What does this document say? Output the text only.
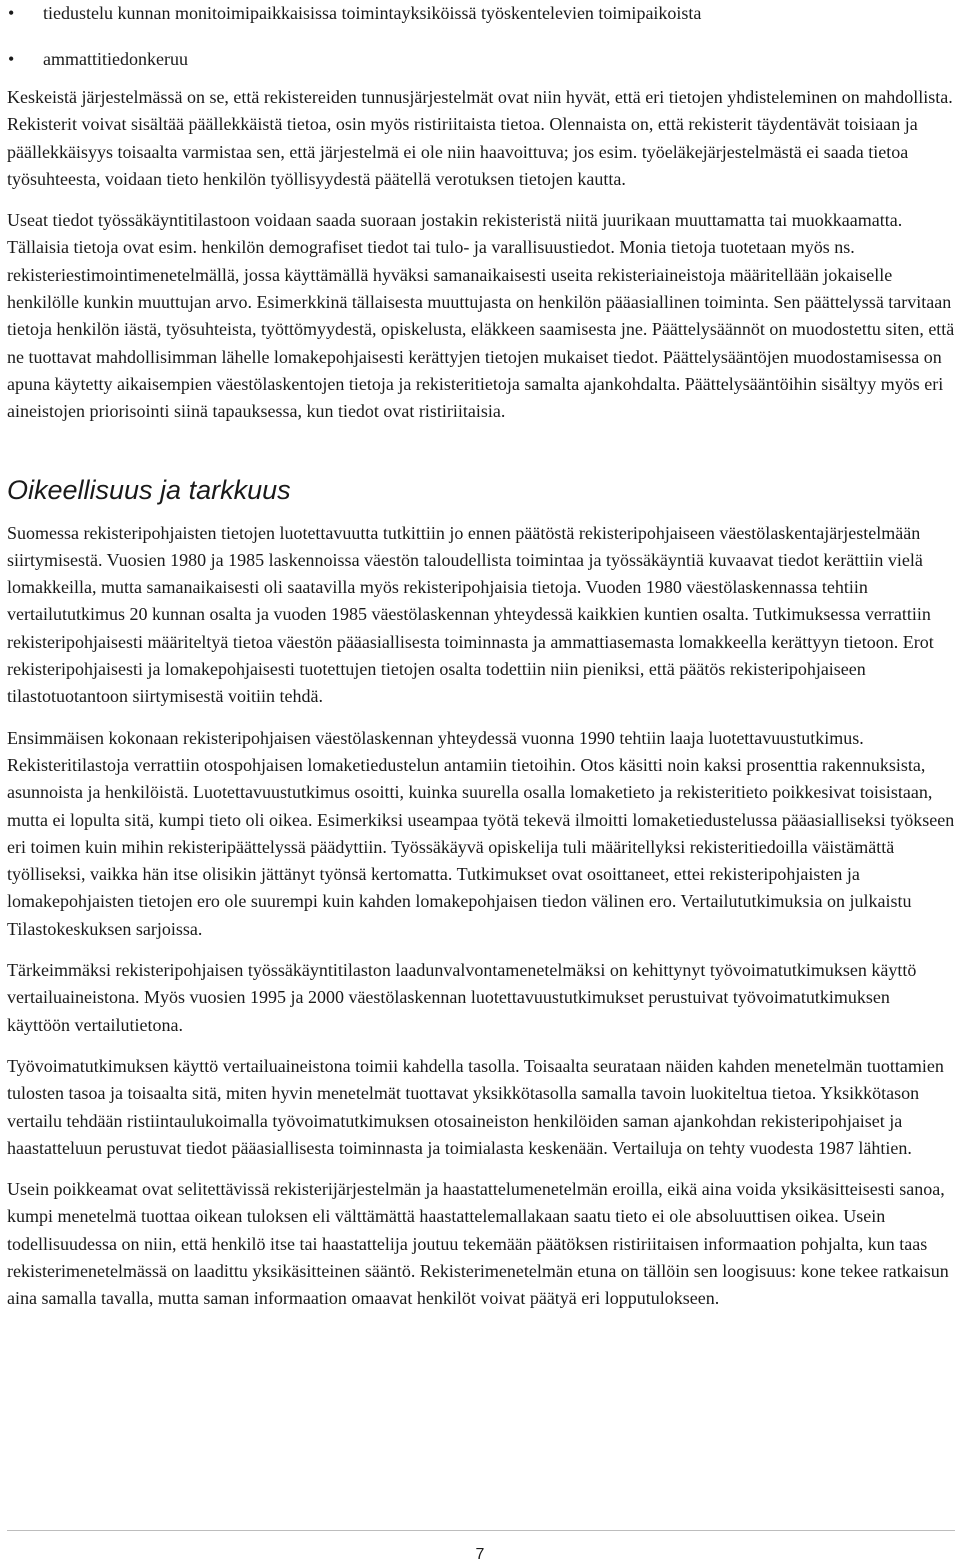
• tiedustelu kunnan monitoimipaikkaisissa toimintayksiköissä työskentelevien toimipaikoista
• ammattitiedonkeruu

Keskeistä järjestelmässä on se, että rekistereiden tunnusjärjestelmät ovat niin hyvät, että eri tietojen yhdisteleminen on mahdollista. Rekisterit voivat sisältää päällekkäistä tietoa, osin myös ristiriitaista tietoa. Olennaista on, että rekisterit täydentävät toisiaan ja päällekkäisyys toisaalta varmistaa sen, että järjestelmä ei ole niin haavoittuva; jos esim. työeläkejärjestelmästä ei saada tietoa työsuhteesta, voidaan tieto henkilön työllisyydestä päätellä verotuksen tietojen kautta.

Useat tiedot työssäkäyntitilastoon voidaan saada suoraan jostakin rekisteristä niitä juurikaan muuttamatta tai muokkaamatta. Tällaisia tietoja ovat esim. henkilön demografiset tiedot tai tulo- ja varallisuustiedot. Monia tietoja tuotetaan myös ns. rekisteriestimointimenetelmällä, jossa käyttämällä hyväksi samanaikaisesti useita rekisteriaineistoja määritellään jokaiselle henkilölle kunkin muuttujan arvo. Esimerkkinä tällaisesta muuttujasta on henkilön pääasiallinen toiminta. Sen päättelyssä tarvitaan tietoja henkilön iästä, työsuhteista, työttömyydestä, opiskelusta, eläkkeen saamisesta jne. Päättelysäännöt on muodostettu siten, että ne tuottavat mahdollisimman lähelle lomakepohjaisesti kerättyjen tietojen mukaiset tiedot. Päättelysääntöjen muodostamisessa on apuna käytetty aikaisempien väestölaskentojen tietoja ja rekisteritietoja samalta ajankohdalta. Päättelysääntöihin sisältyy myös eri aineistojen priorisointi siinä tapauksessa, kun tiedot ovat ristiriitaisia.

Oikeellisuus ja tarkkuus

Suomessa rekisteripohjaisten tietojen luotettavuutta tutkittiin jo ennen päätöstä rekisteripohjaiseen väestölaskentajärjestelmään siirtymisestä. Vuosien 1980 ja 1985 laskennoissa väestön taloudellista toimintaa ja työssäkäyntiä kuvaavat tiedot kerättiin vielä lomakkeilla, mutta samanaikaisesti oli saatavilla myös rekisteripohjaisia tietoja. Vuoden 1980 väestölaskennassa tehtiin vertailututkimus 20 kunnan osalta ja vuoden 1985 väestölaskennan yhteydessä kaikkien kuntien osalta. Tutkimuksessa verrattiin rekisteripohjaisesti määriteltyä tietoa väestön pääasiallisesta toiminnasta ja ammattiasemasta lomakkeella kerättyyn tietoon. Erot rekisteripohjaisesti ja lomakepohjaisesti tuotettujen tietojen osalta todettiin niin pieniksi, että päätös rekisteripohjaiseen tilastotuotantoon siirtymisestä voitiin tehdä.

Ensimmäisen kokonaan rekisteripohjaisen väestölaskennan yhteydessä vuonna 1990 tehtiin laaja luotettavuustutkimus. Rekisteritilastoja verrattiin otospohjaisen lomaketiedustelun antamiin tietoihin. Otos käsitti noin kaksi prosenttia rakennuksista, asunnoista ja henkilöistä. Luotettavuustutkimus osoitti, kuinka suurella osalla lomaketieto ja rekisteritieto poikkesivat toisistaan, mutta ei lopulta sitä, kumpi tieto oli oikea. Esimerkiksi useampaa työtä tekevä ilmoitti lomaketiedustelussa pääasialliseksi työkseen eri toimen kuin mihin rekisteripäättelyssä päädyttiin. Työssäkäyvä opiskelija tuli määritellyksi rekisteritiedoilla väistämättä työlliseksi, vaikka hän itse olisikin jättänyt työnsä kertomatta. Tutkimukset ovat osoittaneet, ettei rekisteripohjaisten ja lomakepohjaisten tietojen ero ole suurempi kuin kahden lomakepohjaisen tiedon välinen ero. Vertailututkimuksia on julkaistu Tilastokeskuksen sarjoissa.

Tärkeimmäksi rekisteripohjaisen työssäkäyntitilaston laadunvalvontamenetelmäksi on kehittynyt työvoimatutkimuksen käyttö vertailuaineistona. Myös vuosien 1995 ja 2000 väestölaskennan luotettavuustutkimukset perustuivat työvoimatutkimuksen käyttöön vertailutietona.

Työvoimatutkimuksen käyttö vertailuaineistona toimii kahdella tasolla. Toisaalta seurataan näiden kahden menetelmän tuottamien tulosten tasoa ja toisaalta sitä, miten hyvin menetelmät tuottavat yksikkötasolla samalla tavoin luokiteltua tietoa. Yksikkötason vertailu tehdään ristiintaulukoimalla työvoimatutkimuksen otosaineiston henkilöiden saman ajankohdan rekisteripohjaiset ja haastatteluun perustuvat tiedot pääasiallisesta toiminnasta ja toimialasta keskenään. Vertailuja on tehty vuodesta 1987 lähtien.

Usein poikkeamat ovat selitettävissä rekisterijärjestelmän ja haastattelumenetelmän eroilla, eikä aina voida yksikäsitteisesti sanoa, kumpi menetelmä tuottaa oikean tuloksen eli välttämättä haastattelemallakaan saatu tieto ei ole absoluuttisen oikea. Usein todellisuudessa on niin, että henkilö itse tai haastattelija joutuu tekemään päätöksen ristiriitaisen informaation pohjalta, kun taas rekisterimenetelmässä on laadittu yksikäsitteinen sääntö. Rekisterimenetelmän etuna on tällöin sen loogisuus: kone tekee ratkaisun aina samalla tavalla, mutta saman informaation omaavat henkilöt voivat päätyä eri lopputulokseen.

7
